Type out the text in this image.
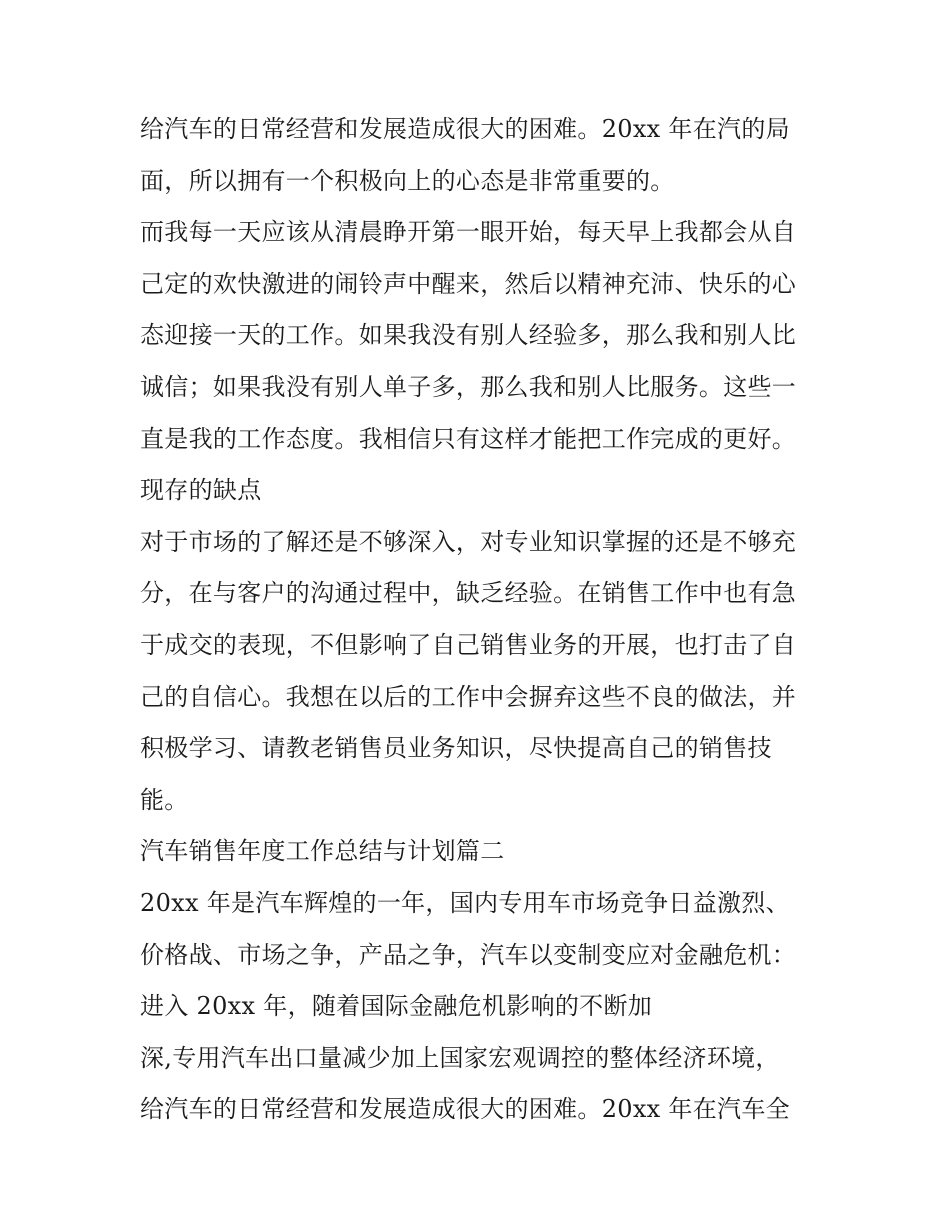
给汽车的日常经营和发展造成很大的困难。20xx 年在汽的局
面，所以拥有一个积极向上的心态是非常重要的。
而我每一天应该从清晨睁开第一眼开始，每天早上我都会从自
己定的欢快激进的闹铃声中醒来，然后以精神充沛、快乐的心
态迎接一天的工作。如果我没有别人经验多，那么我和别人比
诚信；如果我没有别人单子多，那么我和别人比服务。这些一
直是我的工作态度。我相信只有这样才能把工作完成的更好。
现存的缺点
对于市场的了解还是不够深入，对专业知识掌握的还是不够充
分，在与客户的沟通过程中，缺乏经验。在销售工作中也有急
于成交的表现，不但影响了自己销售业务的开展，也打击了自
己的自信心。我想在以后的工作中会摒弃这些不良的做法，并
积极学习、请教老销售员业务知识，尽快提高自己的销售技
能。
汽车销售年度工作总结与计划篇二
20xx 年是汽车辉煌的一年，国内专用车市场竞争日益激烈、
价格战、市场之争，产品之争，汽车以变制变应对金融危机：
进入 20xx 年，随着国际金融危机影响的不断加
深,专用汽车出口量减少加上国家宏观调控的整体经济环境，
给汽车的日常经营和发展造成很大的困难。20xx 年在汽车全
